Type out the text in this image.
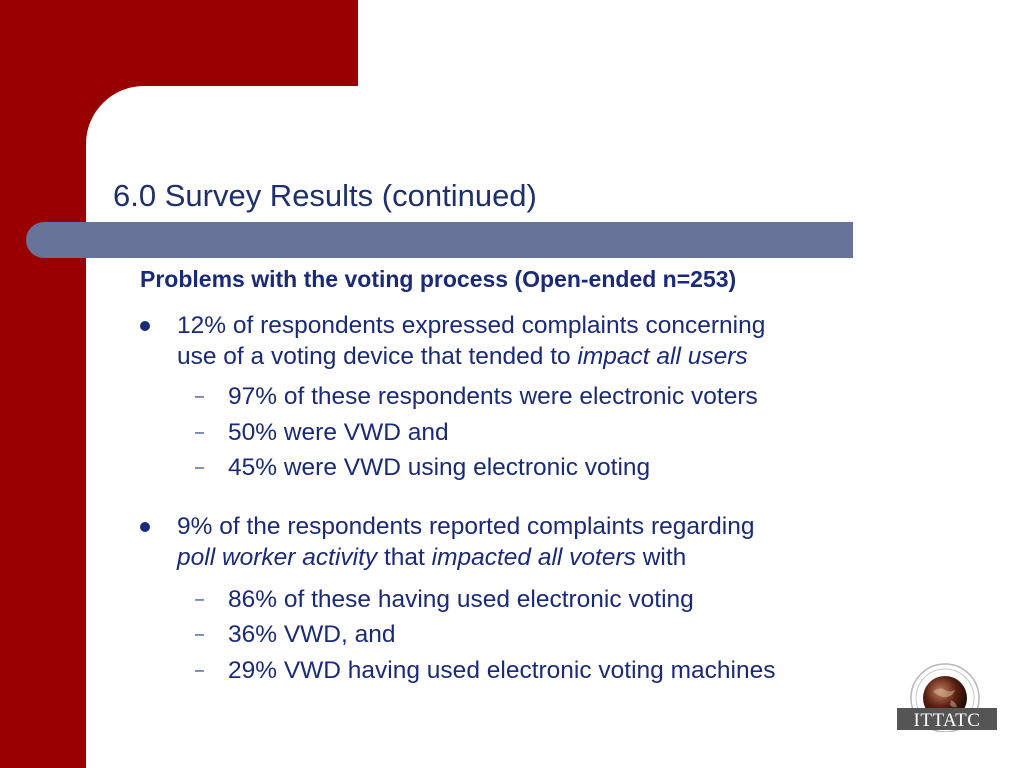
6.0 Survey Results (continued)
Problems with the voting process (Open-ended n=253)
12% of respondents expressed complaints concerning
use of a voting device that tended to impact all users
– 97% of these respondents were electronic voters
– 50% were VWD and
– 45% were VWD using electronic voting
9% of the respondents reported complaints regarding
poll worker activity that impacted all voters with
– 86% of these having used electronic voting
– 36% VWD, and
– 29% VWD having used electronic voting machines
ITTATC
